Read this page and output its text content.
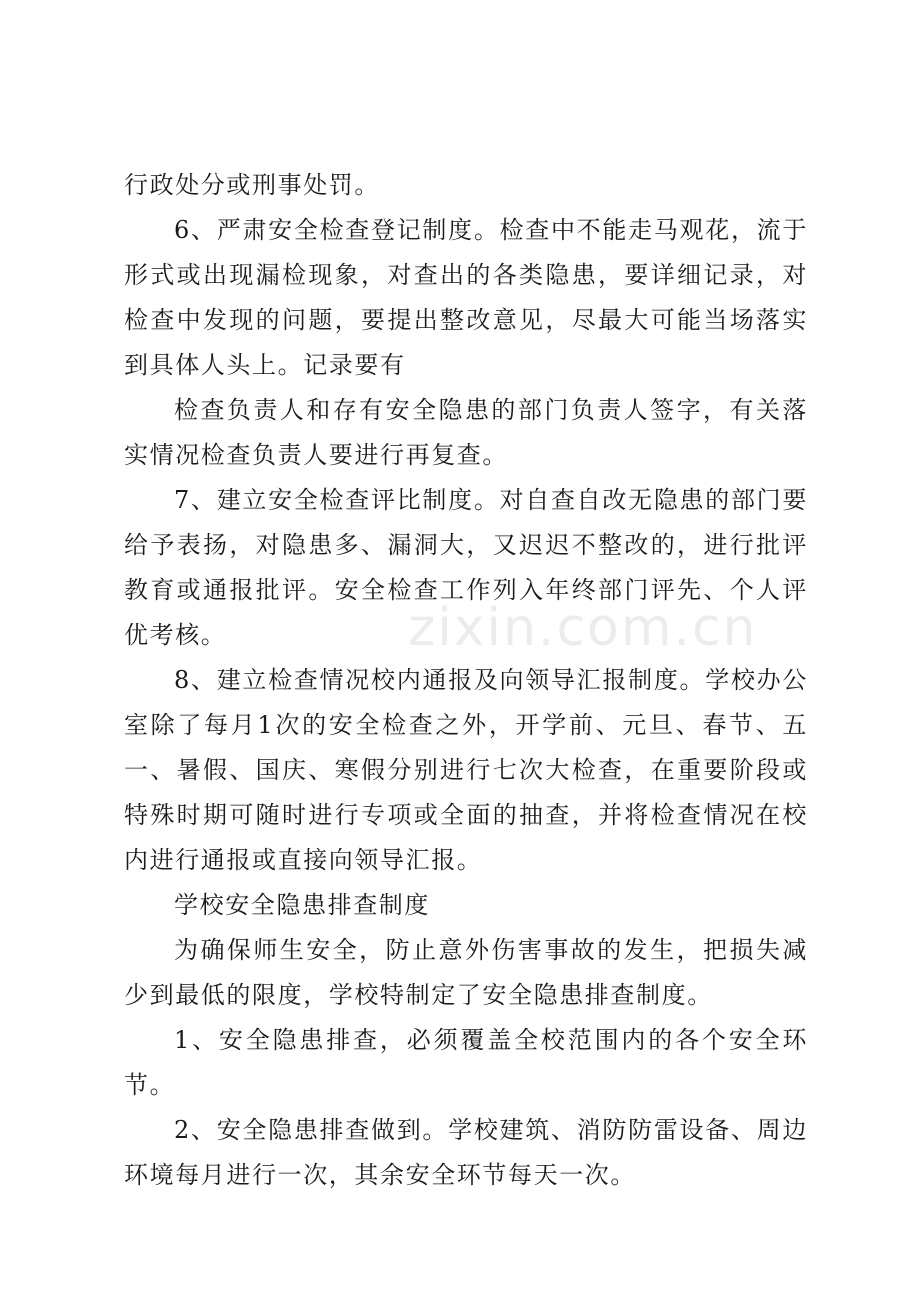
行政处分或刑事处罚。

6、严肃安全检查登记制度。检查中不能走马观花，流于形式或出现漏检现象，对查出的各类隐患，要详细记录，对检查中发现的问题，要提出整改意见，尽最大可能当场落实到具体人头上。记录要有

检查负责人和存有安全隐患的部门负责人签字，有关落实情况检查负责人要进行再复查。

7、建立安全检查评比制度。对自查自改无隐患的部门要给予表扬，对隐患多、漏洞大，又迟迟不整改的，进行批评教育或通报批评。安全检查工作列入年终部门评先、个人评优考核。

8、建立检查情况校内通报及向领导汇报制度。学校办公室除了每月1次的安全检查之外，开学前、元旦、春节、五一、暑假、国庆、寒假分别进行七次大检查，在重要阶段或特殊时期可随时进行专项或全面的抽查，并将检查情况在校内进行通报或直接向领导汇报。

学校安全隐患排查制度

为确保师生安全，防止意外伤害事故的发生，把损失减少到最低的限度，学校特制定了安全隐患排查制度。

1、安全隐患排查，必须覆盖全校范围内的各个安全环节。

2、安全隐患排查做到。学校建筑、消防防雷设备、周边环境每月进行一次，其余安全环节每天一次。

zixin.com.cn
